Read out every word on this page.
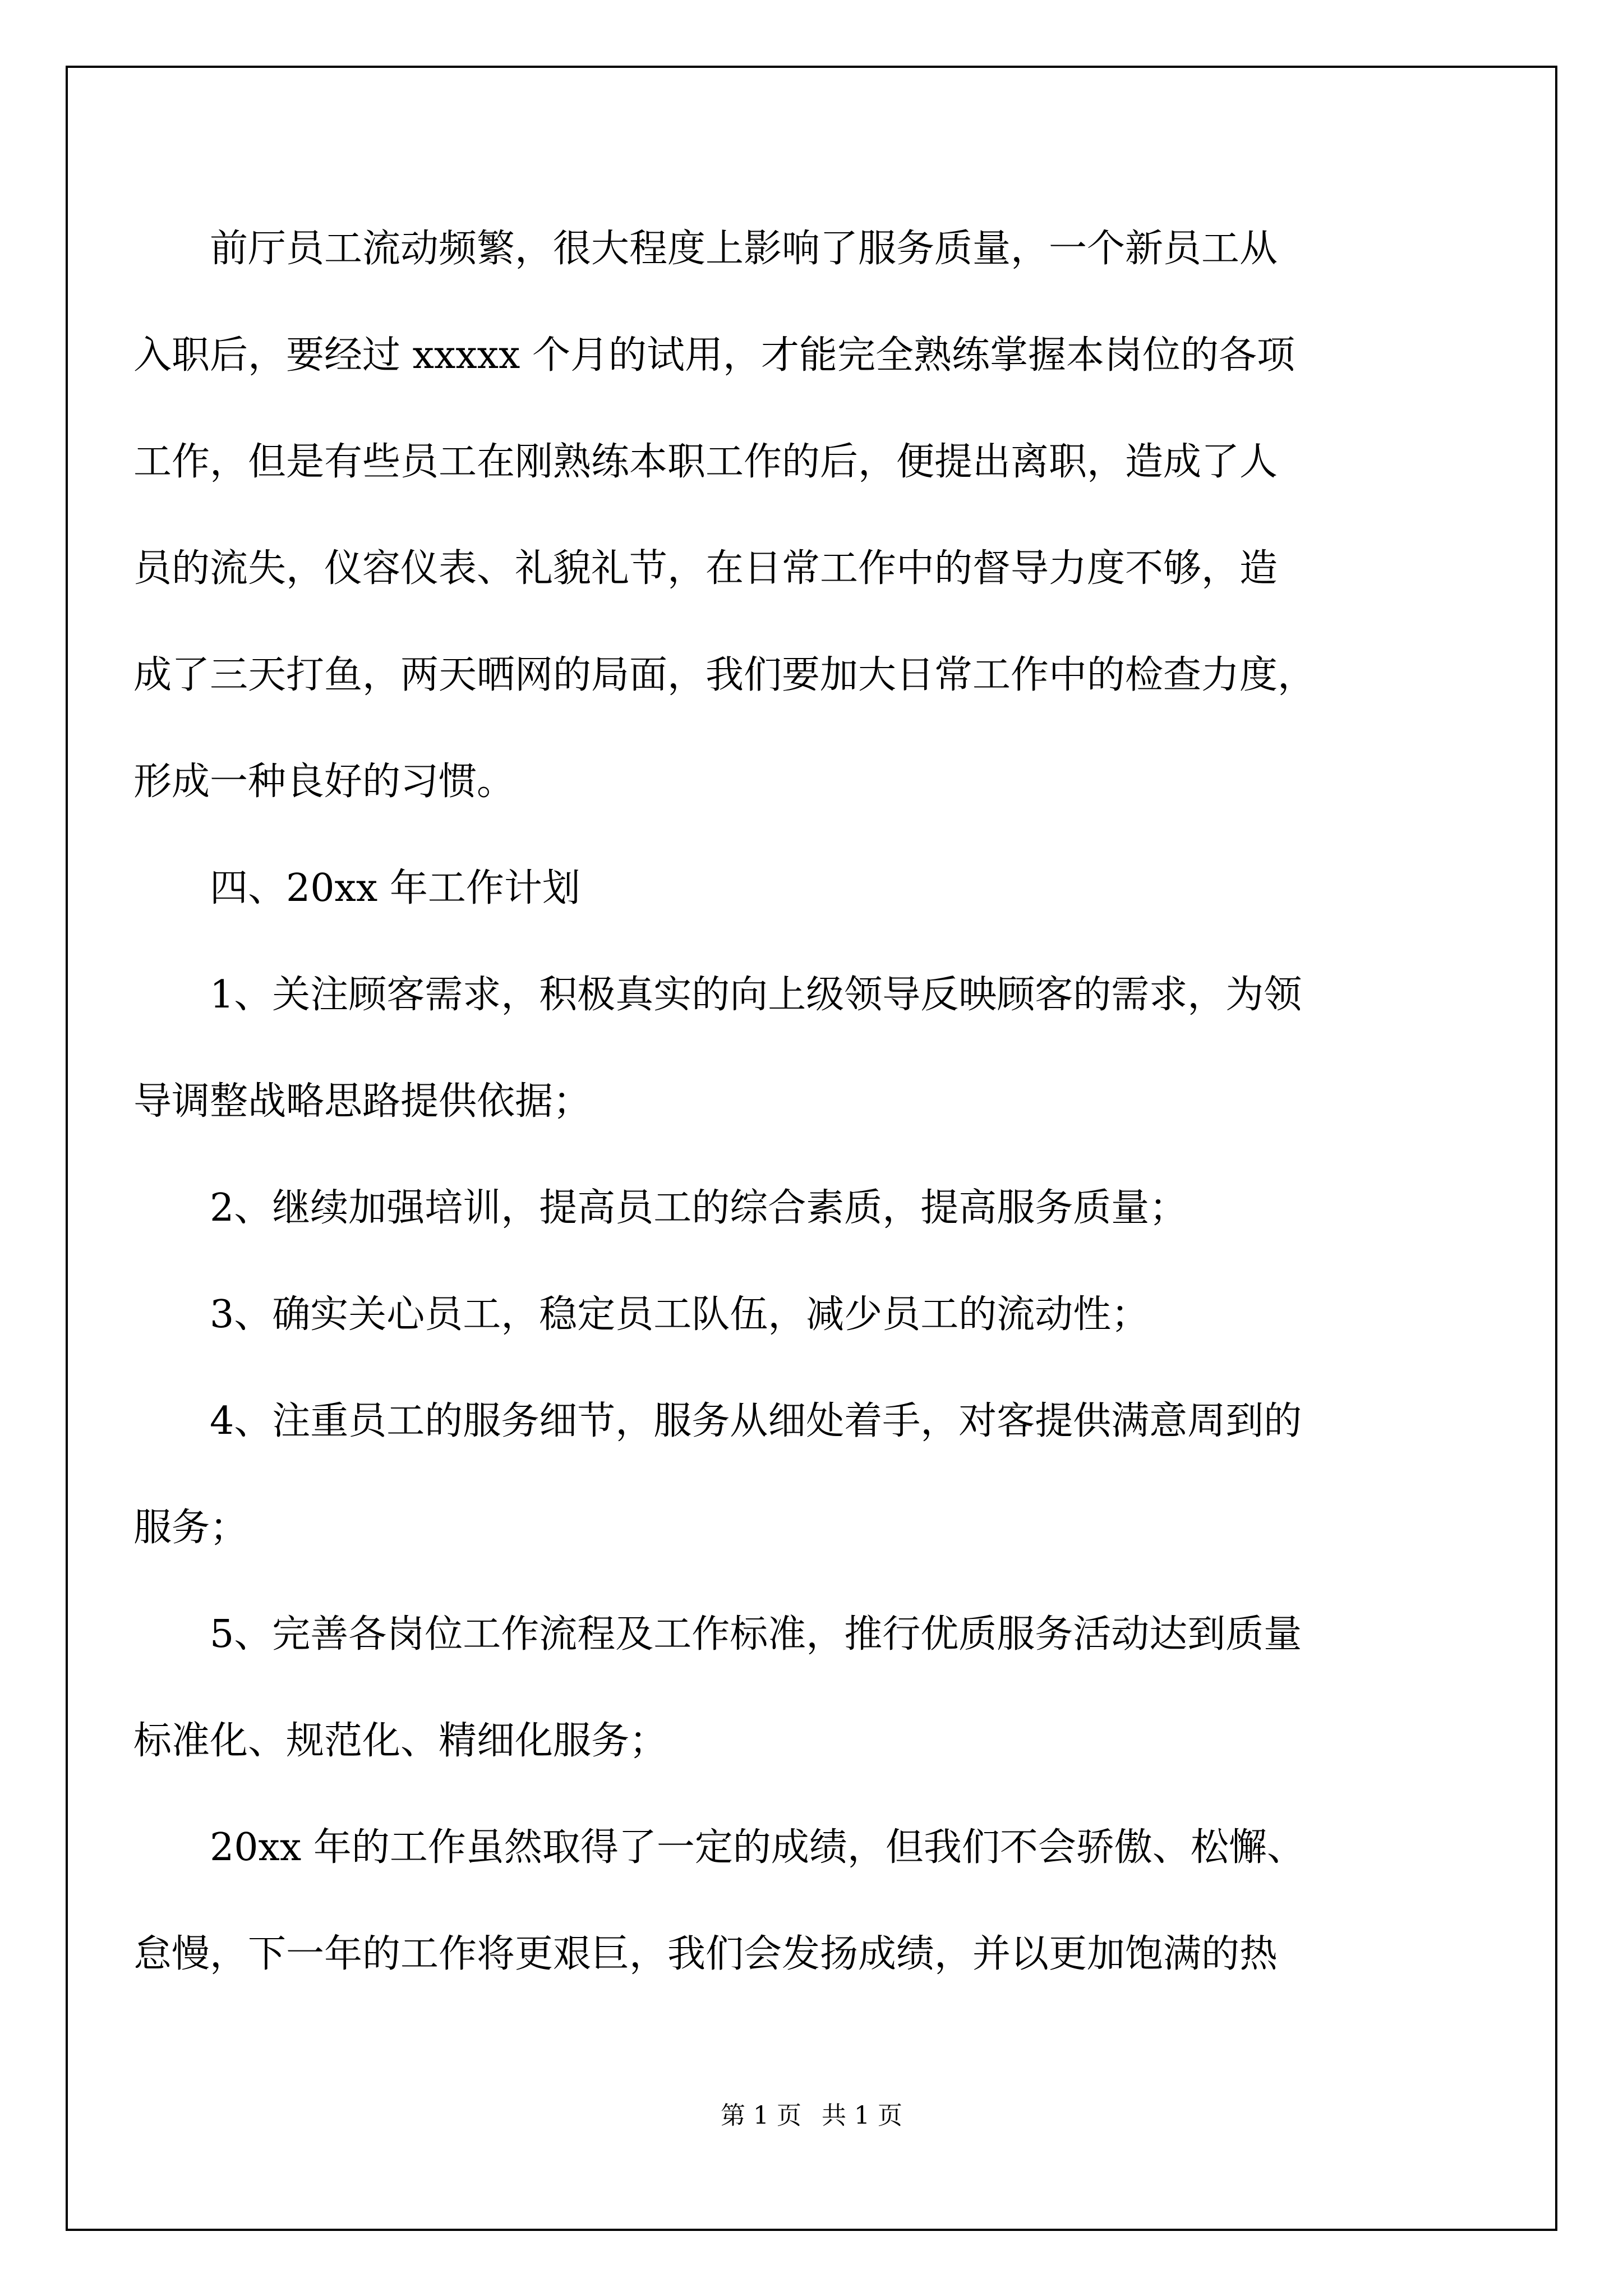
　　前厅员工流动频繁，很大程度上影响了服务质量，一个新员工从

入职后，要经过 xxxxx 个月的试用，才能完全熟练掌握本岗位的各项

工作，但是有些员工在刚熟练本职工作的后，便提出离职，造成了人

员的流失，仪容仪表、礼貌礼节，在日常工作中的督导力度不够，造

成了三天打鱼，两天晒网的局面，我们要加大日常工作中的检查力度，

形成一种良好的习惯。

　　四、20xx 年工作计划

　　1、关注顾客需求，积极真实的向上级领导反映顾客的需求，为领

导调整战略思路提供依据；

　　2、继续加强培训，提高员工的综合素质，提高服务质量；

　　3、确实关心员工，稳定员工队伍，减少员工的流动性；

　　4、注重员工的服务细节，服务从细处着手，对客提供满意周到的

服务；

　　5、完善各岗位工作流程及工作标准，推行优质服务活动达到质量

标准化、规范化、精细化服务；

　　20xx 年的工作虽然取得了一定的成绩，但我们不会骄傲、松懈、

怠慢，下一年的工作将更艰巨，我们会发扬成绩，并以更加饱满的热

第 1 页 共 1 页
